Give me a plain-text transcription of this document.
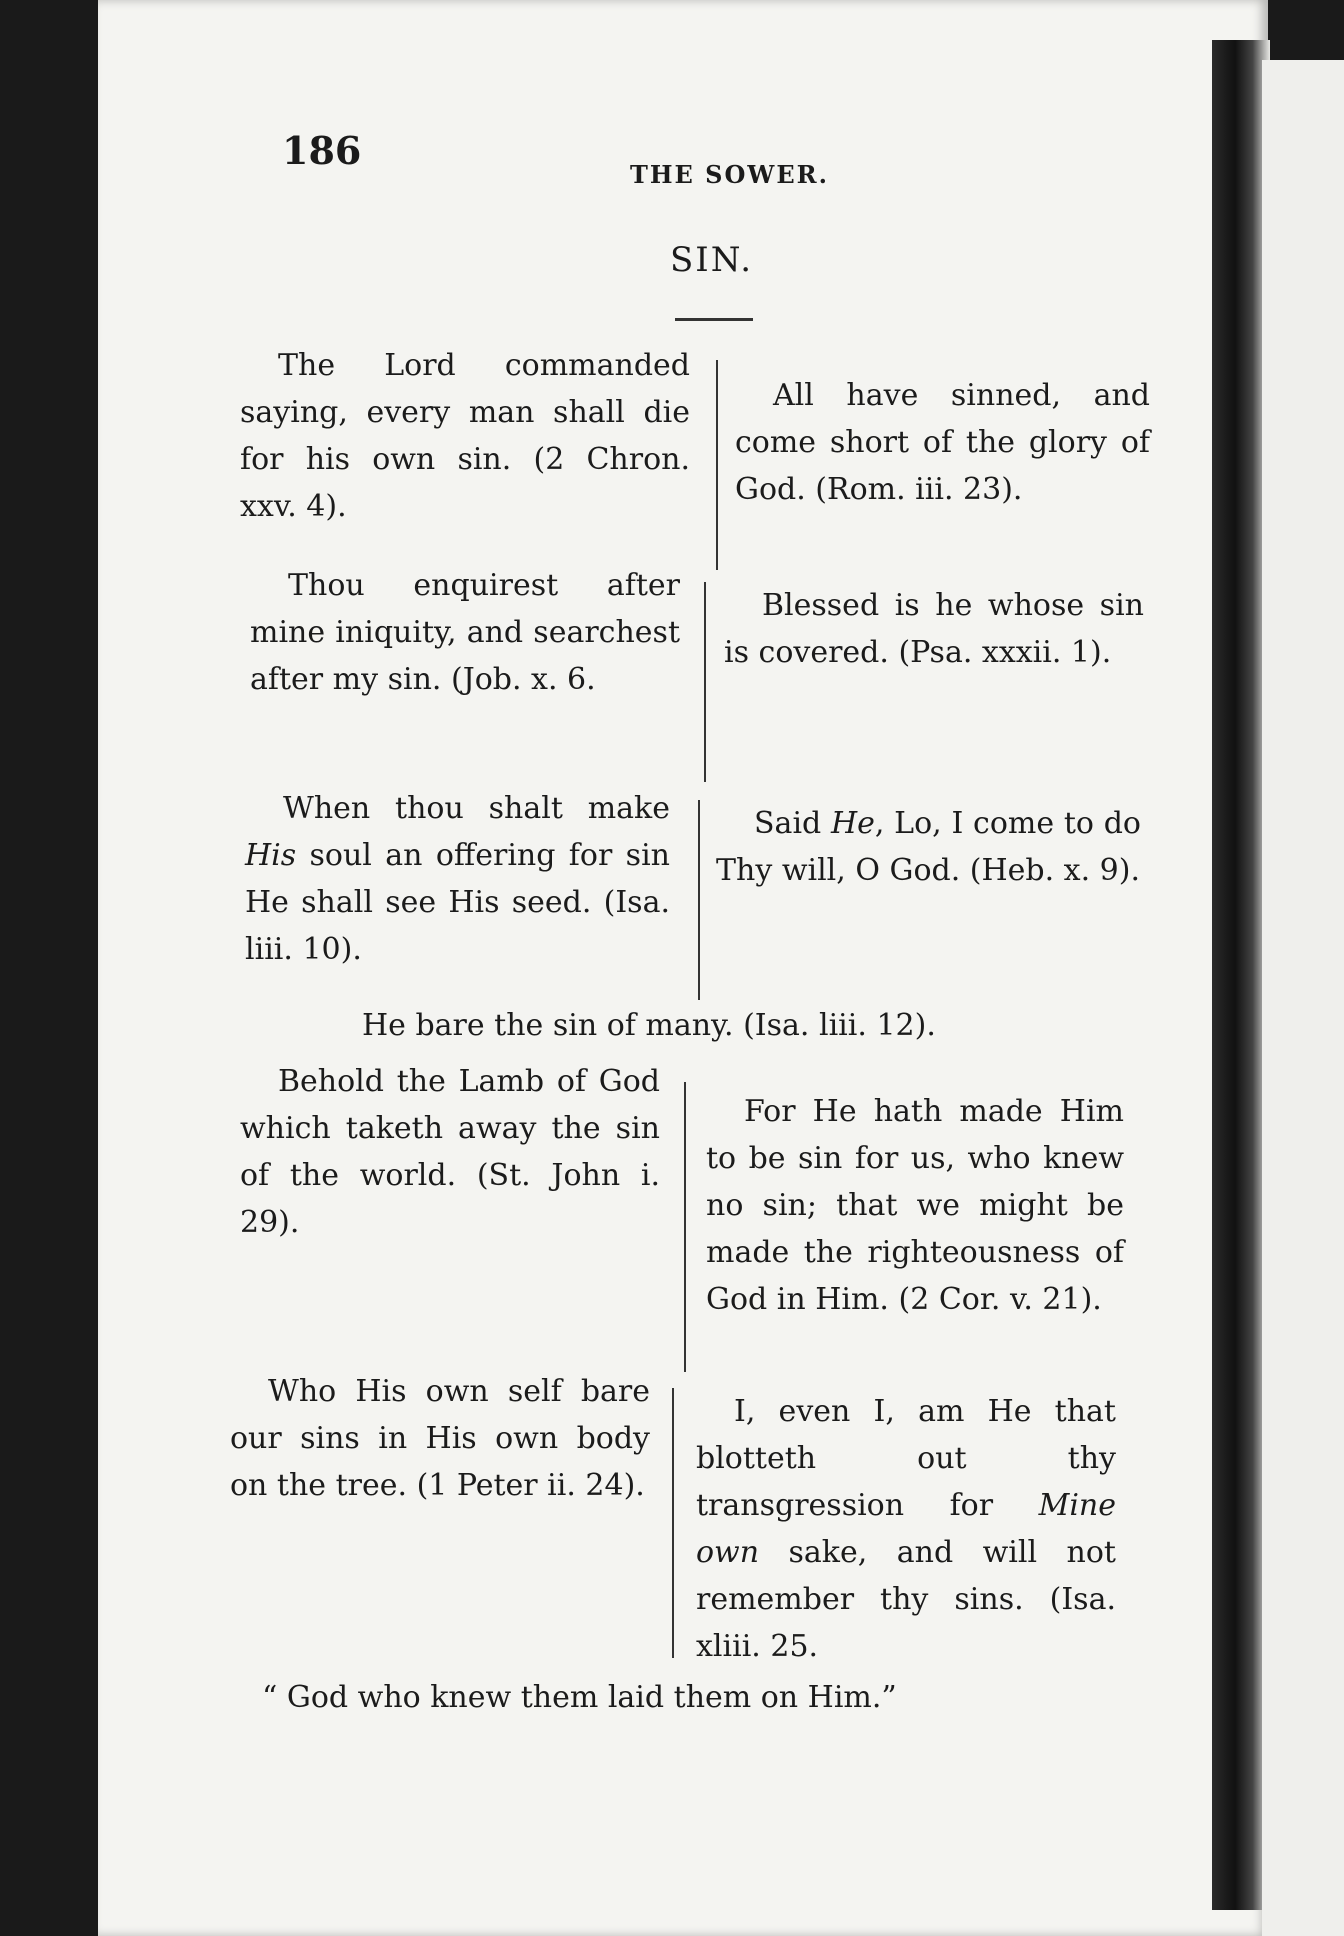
186
THE SOWER.
SIN.
The Lord commanded saying, every man shall die for his own sin. (2 Chron. xxv. 4).
All have sinned, and come short of the glory of God. (Rom. iii. 23).
Thou enquirest after mine iniquity, and searchest after my sin. (Job. x. 6.
Blessed is he whose sin is covered. (Psa. xxxii. 1).
When thou shalt make His soul an offering for sin He shall see His seed. (Isa. liii. 10).
Said He, Lo, I come to do Thy will, O God. (Heb. x. 9).
He bare the sin of many. (Isa. liii. 12).
Behold the Lamb of God which taketh away the sin of the world. (St. John i. 29).
For He hath made Him to be sin for us, who knew no sin; that we might be made the righteousness of God in Him. (2 Cor. v. 21).
Who His own self bare our sins in His own body on the tree. (1 Peter ii. 24).
I, even I, am He that blotteth out thy transgression for Mine own sake, and will not remember thy sins. (Isa. xliii. 25.
“ God who knew them laid them on Him.”
